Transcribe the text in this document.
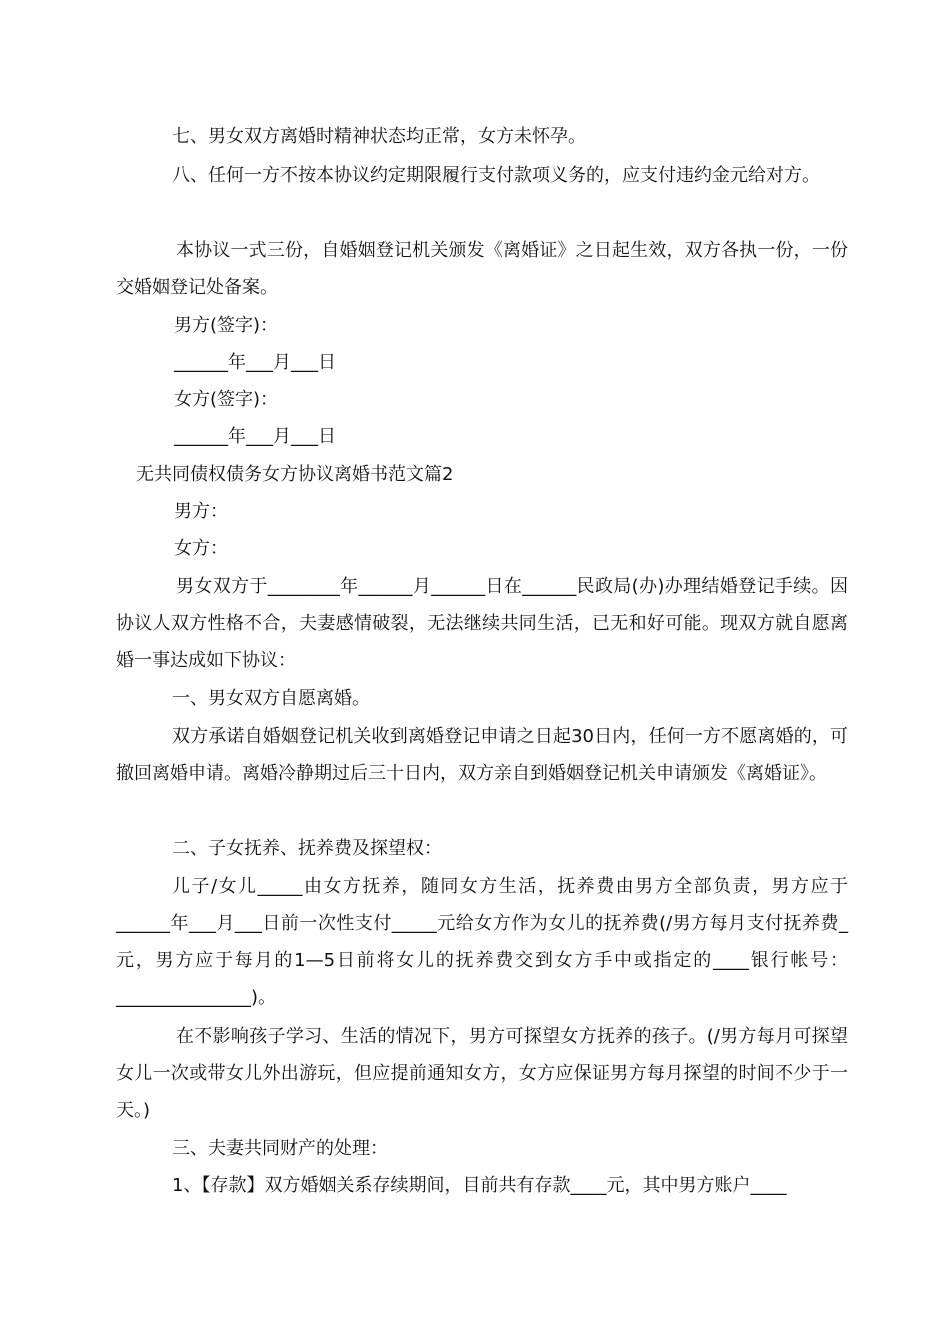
七、男女双方离婚时精神状态均正常，女方未怀孕。

八、任何一方不按本协议约定期限履行支付款项义务的，应支付违约金元给对方。

本协议一式三份，自婚姻登记机关颁发《离婚证》之日起生效，双方各执一份，一份交婚姻登记处备案。

男方(签字)：

______年___月___日

女方(签字)：

______年___月___日

无共同债权债务女方协议离婚书范文篇2

男方：

女方：

男女双方于________年______月______日在______民政局(办)办理结婚登记手续。因协议人双方性格不合，夫妻感情破裂，无法继续共同生活，已无和好可能。现双方就自愿离婚一事达成如下协议：

一、男女双方自愿离婚。

双方承诺自婚姻登记机关收到离婚登记申请之日起30日内，任何一方不愿离婚的，可撤回离婚申请。离婚冷静期过后三十日内，双方亲自到婚姻登记机关申请颁发《离婚证》。

二、子女抚养、抚养费及探望权：

儿子/女儿_____由女方抚养，随同女方生活，抚养费由男方全部负责，男方应于______年___月___日前一次性支付_____元给女方作为女儿的抚养费(/男方每月支付抚养费_元，男方应于每月的1—5日前将女儿的抚养费交到女方手中或指定的____银行帐号：_______________)。

在不影响孩子学习、生活的情况下，男方可探望女方抚养的孩子。(/男方每月可探望女儿一次或带女儿外出游玩，但应提前通知女方，女方应保证男方每月探望的时间不少于一天。)

三、夫妻共同财产的处理：

1、【存款】双方婚姻关系存续期间，目前共有存款____元，其中男方账户____
